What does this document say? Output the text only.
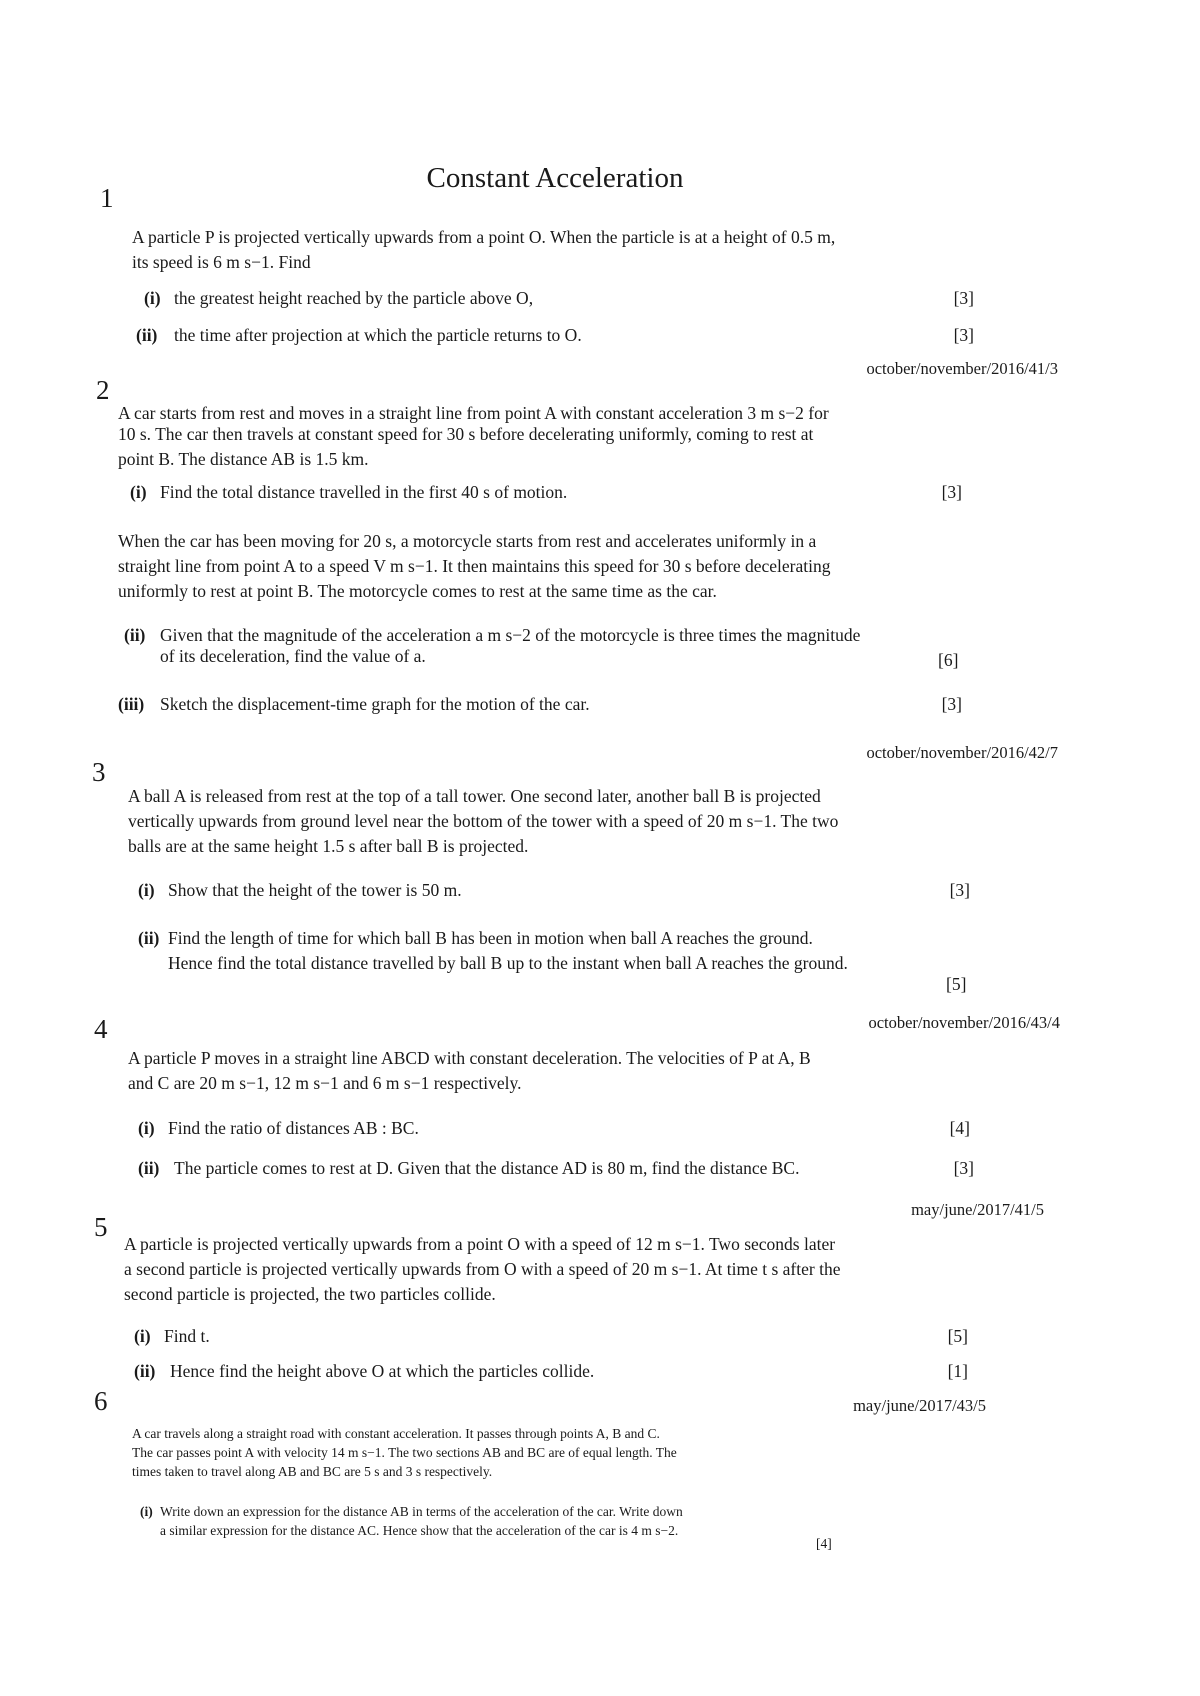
Constant Acceleration
1
A particle P is projected vertically upwards from a point O. When the particle is at a height of 0.5 m,
its speed is 6 m s−1. Find
(i) the greatest height reached by the particle above O,	[3]
(ii) the time after projection at which the particle returns to O.	[3]
october/november/2016/41/3
2
A car starts from rest and moves in a straight line from point A with constant acceleration 3 m s−2 for
10 s. The car then travels at constant speed for 30 s before decelerating uniformly, coming to rest at
point B. The distance AB is 1.5 km.
(i) Find the total distance travelled in the first 40 s of motion.	[3]
When the car has been moving for 20 s, a motorcycle starts from rest and accelerates uniformly in a
straight line from point A to a speed V m s−1. It then maintains this speed for 30 s before decelerating
uniformly to rest at point B. The motorcycle comes to rest at the same time as the car.
(ii) Given that the magnitude of the acceleration a m s−2 of the motorcycle is three times the magnitude
of its deceleration, find the value of a.	[6]
(iii) Sketch the displacement-time graph for the motion of the car.	[3]
october/november/2016/42/7
3
A ball A is released from rest at the top of a tall tower. One second later, another ball B is projected
vertically upwards from ground level near the bottom of the tower with a speed of 20 m s−1. The two
balls are at the same height 1.5 s after ball B is projected.
(i) Show that the height of the tower is 50 m.	[3]
(ii) Find the length of time for which ball B has been in motion when ball A reaches the ground.
Hence find the total distance travelled by ball B up to the instant when ball A reaches the ground.
[5]
october/november/2016/43/4
4
A particle P moves in a straight line ABCD with constant deceleration. The velocities of P at A, B
and C are 20 m s−1, 12 m s−1 and 6 m s−1 respectively.
(i) Find the ratio of distances AB : BC.	[4]
(ii) The particle comes to rest at D. Given that the distance AD is 80 m, find the distance BC.	[3]
may/june/2017/41/5
5
A particle is projected vertically upwards from a point O with a speed of 12 m s−1. Two seconds later
a second particle is projected vertically upwards from O with a speed of 20 m s−1. At time t s after the
second particle is projected, the two particles collide.
(i) Find t.	[5]
(ii) Hence find the height above O at which the particles collide.	[1]
may/june/2017/43/5
6
A car travels along a straight road with constant acceleration. It passes through points A, B and C.
The car passes point A with velocity 14 m s−1. The two sections AB and BC are of equal length. The
times taken to travel along AB and BC are 5 s and 3 s respectively.
(i) Write down an expression for the distance AB in terms of the acceleration of the car. Write down
a similar expression for the distance AC. Hence show that the acceleration of the car is 4 m s−2.
[4]
